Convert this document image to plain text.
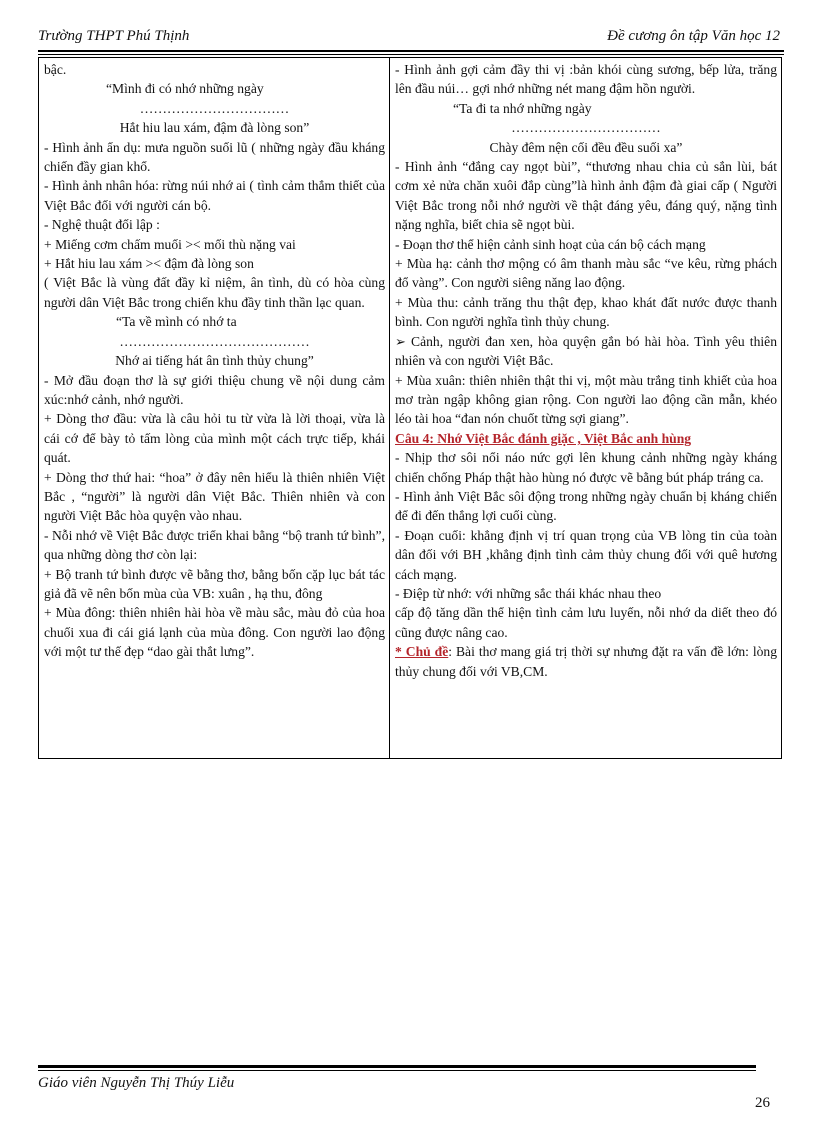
Trường THPT Phú Thịnh	Đề cương ôn tập Văn học 12

bậc.

“Mình đi có nhớ những ngày

……………………………

Hắt hiu lau xám, đậm đà lòng son”

- Hình ảnh ẩn dụ: mưa nguồn suối lũ ( những ngày đầu kháng chiến đầy gian khổ.

- Hình ảnh nhân hóa: rừng núi nhớ ai ( tình cảm thắm thiết của Việt Bắc đối với người cán bộ.

- Nghệ thuật đối lập :

+ Miếng cơm chấm muối >< mối thù nặng vai

+ Hắt hiu lau xám >< đậm đà lòng son

( Việt Bắc là vùng đất đầy kỉ niệm, ân tình, dù có hòa cùng người dân Việt Bắc trong chiến khu đầy tinh thần lạc quan.

“Ta về mình có nhớ ta

……………………………………

Nhớ ai tiếng hát ân tình thủy chung”

- Mở đầu đoạn thơ là sự giới thiệu chung về nội dung cảm xúc:nhớ cảnh, nhớ người.

+ Dòng thơ đầu: vừa là câu hỏi tu từ vừa là lời thoại, vừa là cái cớ để bày tỏ tấm lòng của mình một cách trực tiếp, khái quát.

+ Dòng thơ thứ hai: “hoa” ở đây nên hiểu là thiên nhiên Việt Bắc , “người” là người dân Việt Bắc. Thiên nhiên và con người Việt Bắc hòa quyện vào nhau.

- Nỗi nhớ về Việt Bắc được triển khai bằng “bộ tranh tứ bình”, qua những dòng thơ còn lại:

+ Bộ tranh tứ bình được vẽ bằng thơ, bằng bốn cặp lục bát tác giả đã vẽ nên bốn mùa của VB: xuân , hạ thu, đông

+ Mùa đông: thiên nhiên hài hòa về màu sắc, màu đỏ của hoa chuối xua đi cái giá lạnh của mùa đông. Con người lao động với một tư thế đẹp “dao gài thắt lưng”.

- Hình ảnh gợi cảm đầy thi vị :bản khói cùng sương, bếp lửa, trăng lên đầu núi… gợi nhớ những nét mang đậm hồn người.

“Ta đi ta nhớ những ngày

……………………………

Chày đêm nện cối đều đều suối xa”

- Hình ảnh “đắng cay ngọt bùi”, “thương nhau chia củ sắn lùi, bát cơm xẻ nửa chăn xuôi đắp cùng”là hình ảnh đậm đà giai cấp ( Người Việt Bắc trong nỗi nhớ người về thật đáng yêu, đáng quý, nặng tình nặng nghĩa, biết chia sẽ ngọt bùi.

- Đoạn thơ thể hiện cảnh sinh hoạt của cán bộ cách mạng

+ Mùa hạ: cảnh thơ mộng có âm thanh màu sắc “ve kêu, rừng phách đổ vàng”. Con người siêng năng lao động.

+ Mùa thu: cảnh trăng thu thật đẹp, khao khát đất nước được thanh bình. Con người nghĩa tình thủy chung.

➢ Cảnh, người đan xen, hòa quyện gắn bó hài hòa. Tình yêu thiên nhiên và con người Việt Bắc.

+ Mùa xuân: thiên nhiên thật thi vị, một màu trắng tinh khiết của hoa mơ tràn ngập không gian rộng. Con người lao động cần mẫn, khéo léo tài hoa “đan nón chuốt từng sợi giang”.

Câu 4: Nhớ Việt Bắc đánh giặc , Việt Bắc anh hùng

- Nhịp thơ sôi nổi náo nức gợi lên khung cảnh những ngày kháng chiến chống Pháp thật hào hùng nó được vẽ bằng bút pháp tráng ca.

- Hình ảnh Việt Bắc sôi động trong những ngày chuẩn bị kháng chiến để đi đến thắng lợi cuối cùng.

- Đoạn cuối: khẳng định vị trí quan trọng của VB lòng tin của toàn dân đối với BH ,khẳng định tình cảm thủy chung đối với quê hương cách mạng.

- Điệp từ nhớ: với những sắc thái khác nhau theo

cấp độ tăng dần thể hiện tình cảm lưu luyến, nỗi nhớ da diết theo đó cũng được nâng cao.

* Chủ đề: Bài thơ mang giá trị thời sự nhưng đặt ra vấn đề lớn: lòng thủy chung đối với VB,CM.

Giáo viên Nguyễn Thị Thúy Liễu
26
